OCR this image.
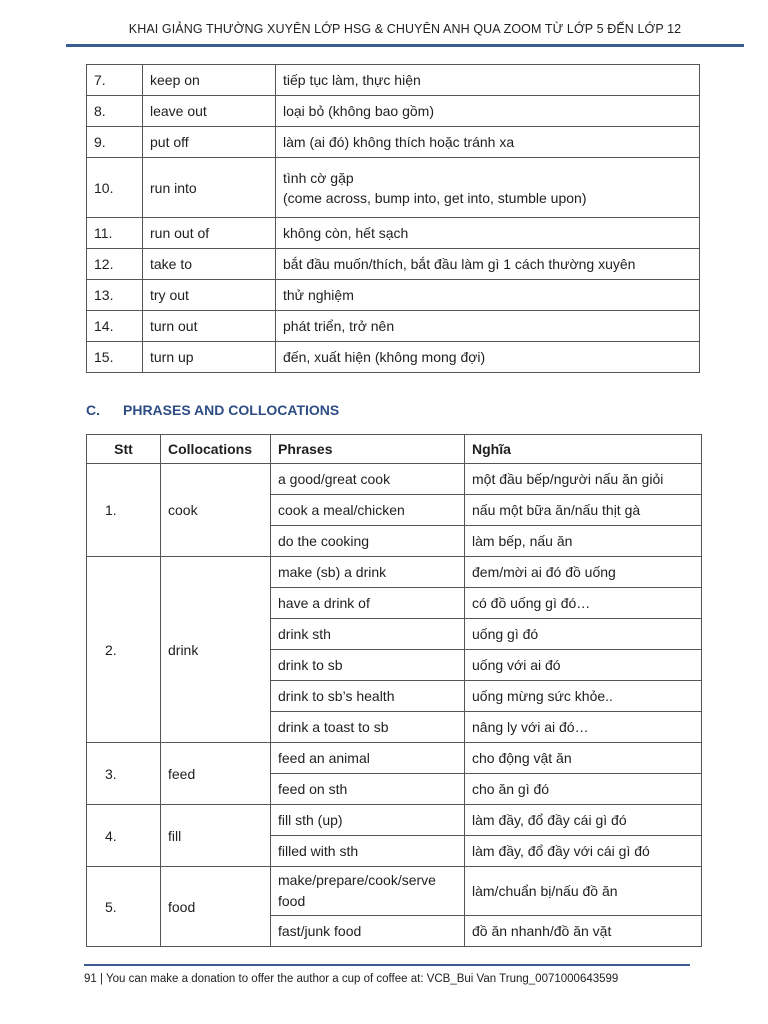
KHAI GIẢNG THƯỜNG XUYÊN LỚP HSG & CHUYÊN ANH QUA ZOOM TỪ LỚP 5 ĐẾN LỚP 12
7.	keep on	tiếp tục làm, thực hiện
8.	leave out	loại bỏ (không bao gồm)
9.	put off	làm (ai đó) không thích hoặc tránh xa
10.	run into	tình cờ gặp
(come across, bump into, get into, stumble upon)

11.	run out of	không còn, hết sạch
12.	take to	bắt đầu muốn/thích, bắt đầu làm gì 1 cách thường xuyên
13.	try out	thử nghiệm
14.	turn out	phát triển, trở nên
15.	turn up	đến, xuất hiện (không mong đợi)
C. PHRASES AND COLLOCATIONS
Stt	Collocations	Phrases	Nghĩa
1.	cook	a good/great cook	một đầu bếp/người nấu ăn giỏi
		cook a meal/chicken	nấu một bữa ăn/nấu thịt gà
		do the cooking	làm bếp, nấu ăn
2.	drink	make (sb) a drink	đem/mời ai đó đồ uống
		have a drink of	có đồ uống gì đó…
		drink sth	uống gì đó
		drink to sb	uống với ai đó
		drink to sb’s health	uống mừng sức khỏe..
		drink a toast to sb	nâng ly với ai đó…
3.	feed	feed an animal	cho động vật ăn
		feed on sth	cho ăn gì đó
4.	fill	fill sth (up)	làm đầy, đổ đầy cái gì đó
		filled with sth	làm đầy, đổ đầy với cái gì đó
5.	food	make/prepare/cook/serve food	làm/chuẩn bị/nấu đồ ăn
		fast/junk food	đồ ăn nhanh/đồ ăn vặt
91 | You can make a donation to offer the author a cup of coffee at: VCB_Bui Van Trung_0071000643599
